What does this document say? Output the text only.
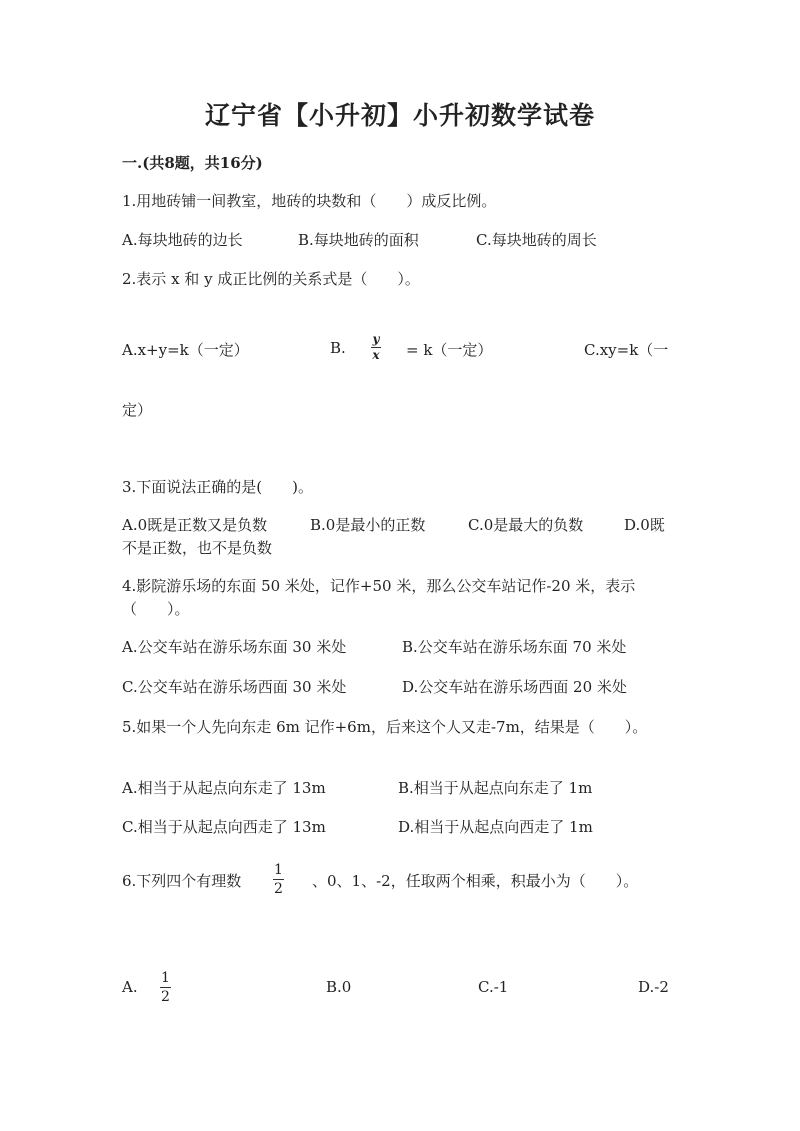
辽宁省【小升初】小升初数学试卷
一.(共8题，共16分)
1.用地砖铺一间教室，地砖的块数和（　　）成反比例。
A.每块地砖的边长	B.每块地砖的面积	C.每块地砖的周长
2.表示 x 和 y 成正比例的关系式是（　　）。
A.x+y=k（一定）	B. y
x = k（一定）	C.xy=k（一
定）
3.下面说法正确的是(　　)。
A.0既是正数又是负数	B.0是最小的正数	C.0是最大的负数	D.0既
不是正数，也不是负数
4.影院游乐场的东面 50 米处，记作+50 米，那么公交车站记作-20 米，表示
（　　）。
A.公交车站在游乐场东面 30 米处	B.公交车站在游乐场东面 70 米处
C.公交车站在游乐场西面 30 米处	D.公交车站在游乐场西面 20 米处
5.如果一个人先向东走 6m 记作+6m，后来这个人又走-7m，结果是（　　）。
A.相当于从起点向东走了 13m	B.相当于从起点向东走了 1m
C.相当于从起点向西走了 13m	D.相当于从起点向西走了 1m
6.下列四个有理数
1
2 、0、1、-2，任取两个相乘，积最小为（　　）。
A. 1
2
B.0	C.-1	D.-2
